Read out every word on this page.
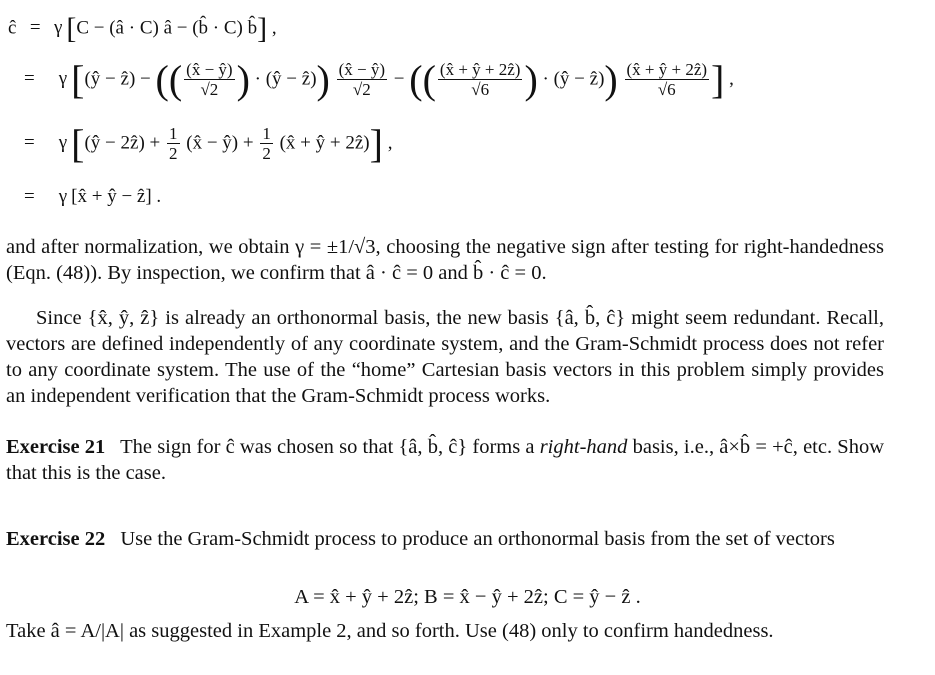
ĉ = γ [C − (â · C) â − (b̂ · C) b̂] ,
= γ [(ŷ − ẑ) − (( $\frac{(x̂ - ŷ)}{√2}$ ) · (ŷ − ẑ)) $\frac{(x̂ - ŷ)}{√2}$ − (( $\frac{\text{(x̂ + ŷ + 2ẑ)}}{√6}$ ) · (ŷ − ẑ)) $\frac{\text{(x̂ + ŷ + 2ẑ)}}{√6}$ ] ,
= γ [(ŷ − 2ẑ) + $\frac{1}{2}$ (x̂ − ŷ) + $\frac{1}{2}$ (x̂ + ŷ + 2ẑ)] ,
= γ [x̂ + ŷ − ẑ] .
and after normalization, we obtain γ = ±1/√3, choosing the negative sign after testing for right-handedness (Eqn. (48)). By inspection, we confirm that â · ĉ = 0 and b̂ · ĉ = 0.
Since {x̂, ŷ, ẑ} is already an orthonormal basis, the new basis {â, b̂, ĉ} might seem redundant. Recall, vectors are defined independently of any coordinate system, and the Gram-Schmidt process does not refer to any coordinate system. The use of the “home” Cartesian basis vectors in this problem simply provides an independent verification that the Gram-Schmidt process works.
Exercise 21 The sign for ĉ was chosen so that {â, b̂, ĉ} forms a right-hand basis, i.e., â×b̂ = +ĉ, etc. Show that this is the case.
Exercise 22 Use the Gram-Schmidt process to produce an orthonormal basis from the set of vectors
A = x̂ + ŷ + 2ẑ; B = x̂ − ŷ + 2ẑ; C = ŷ − ẑ .
Take â = A/|A| as suggested in Example 2, and so forth. Use (48) only to confirm handedness.
